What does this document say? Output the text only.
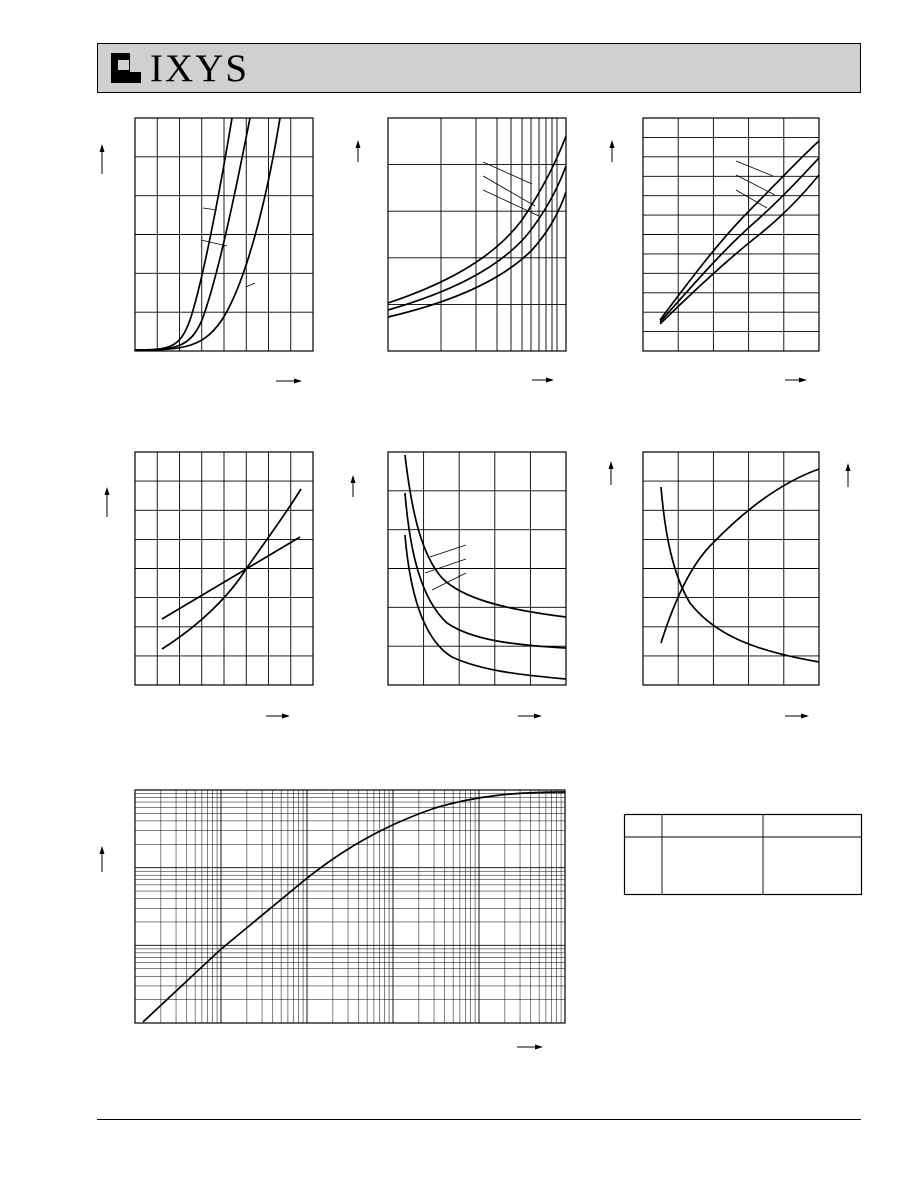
IXYS
